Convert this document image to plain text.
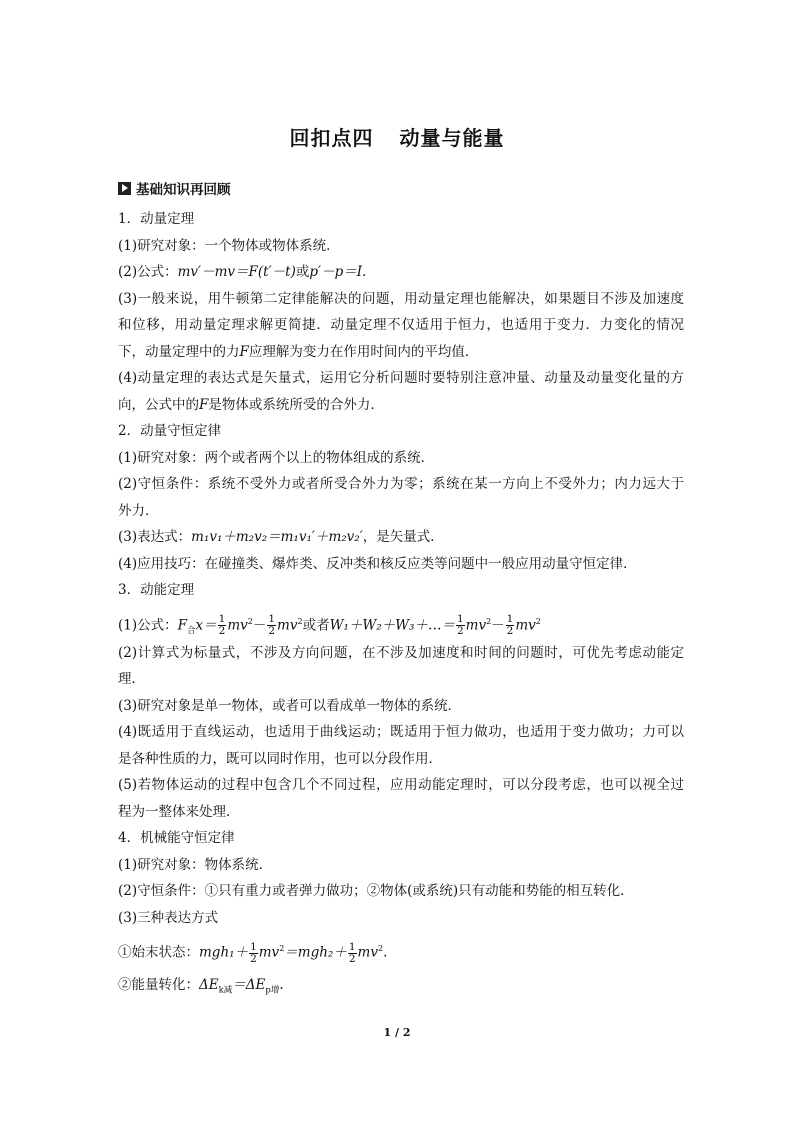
回扣点四 动量与能量
基础知识再回顾
1．动量定理
(1)研究对象：一个物体或物体系统．
(2)公式：mv′－mv＝F(t′－t)或p′－p＝I.
(3)一般来说，用牛顿第二定律能解决的问题，用动量定理也能解决，如果题目不涉及加速度
和位移，用动量定理求解更简捷．动量定理不仅适用于恒力，也适用于变力．力变化的情况
下，动量定理中的力F应理解为变力在作用时间内的平均值．
(4)动量定理的表达式是矢量式，运用它分析问题时要特别注意冲量、动量及动量变化量的方
向，公式中的F是物体或系统所受的合外力．
2．动量守恒定律
(1)研究对象：两个或者两个以上的物体组成的系统．
(2)守恒条件：系统不受外力或者所受合外力为零；系统在某一方向上不受外力；内力远大于
外力．
(3)表达式：m₁v₁＋m₂v₂＝m₁v₁′＋m₂v₂′，是矢量式．
(4)应用技巧：在碰撞类、爆炸类、反冲类和核反应类等问题中一般应用动量守恒定律．
3．动能定理
(1)公式：$F_合x= \frac{1}{2} mv^2- \frac{1}{2} mv^2$或者W₁＋W₂＋W₃＋…＝ $\frac{1}{2} mv^2- \frac{1}{2} mv^2$
(2)计算式为标量式，不涉及方向问题，在不涉及加速度和时间的问题时，可优先考虑动能定
理．
(3)研究对象是单一物体，或者可以看成单一物体的系统．
(4)既适用于直线运动，也适用于曲线运动；既适用于恒力做功，也适用于变力做功；力可以
是各种性质的力，既可以同时作用，也可以分段作用．
(5)若物体运动的过程中包含几个不同过程，应用动能定理时，可以分段考虑，也可以视全过
程为一整体来处理．
4．机械能守恒定律
(1)研究对象：物体系统．
(2)守恒条件：①只有重力或者弹力做功；②物体(或系统)只有动能和势能的相互转化．
(3)三种表达方式
①始末状态：$mgh_1+ \frac{1}{2} mv^2=mgh_2+ \frac{1}{2} mv^2$.
②能量转化：$\Delta E_{k减}=\Delta E_{p增}$.
1 / 2
